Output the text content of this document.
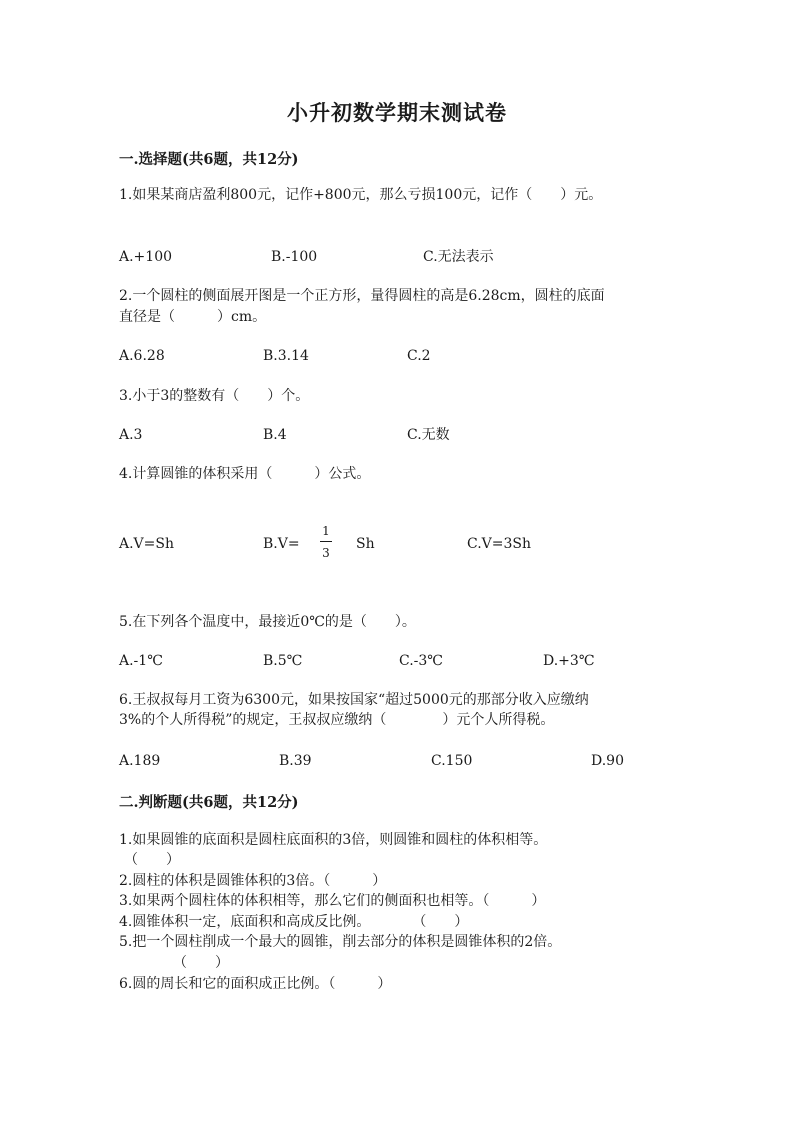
小升初数学期末测试卷
一.选择题(共6题，共12分)
1.如果某商店盈利800元，记作+800元，那么亏损100元，记作（　　）元。
A.+100	B.-100	C.无法表示
2.一个圆柱的侧面展开图是一个正方形，量得圆柱的高是6.28cm，圆柱的底面
直径是（　　　）cm。
A.6.28	B.3.14	C.2
3.小于3的整数有（　　）个。
A.3	B.4	C.无数
4.计算圆锥的体积采用（　　　）公式。
A.V=Sh	B.V=
1
3
Sh	C.V=3Sh
5.在下列各个温度中，最接近0℃的是（　　）。
A.-1℃	B.5℃	C.-3℃	D.+3℃
6.王叔叔每月工资为6300元，如果按国家“超过5000元的那部分收入应缴纳
3%的个人所得税”的规定，王叔叔应缴纳（　　　　）元个人所得税。
A.189	B.39	C.150	D.90
二.判断题(共6题，共12分)
1.如果圆锥的底面积是圆柱底面积的3倍，则圆锥和圆柱的体积相等。
（　　）
2.圆柱的体积是圆锥体积的3倍。（　　　）
3.如果两个圆柱体的体积相等，那么它们的侧面积也相等。（　　　）
4.圆锥体积一定，底面积和高成反比例。　　　　（　　）
5.把一个圆柱削成一个最大的圆锥，削去部分的体积是圆锥体积的2倍。
（　　）
6.圆的周长和它的面积成正比例。（　　　）
